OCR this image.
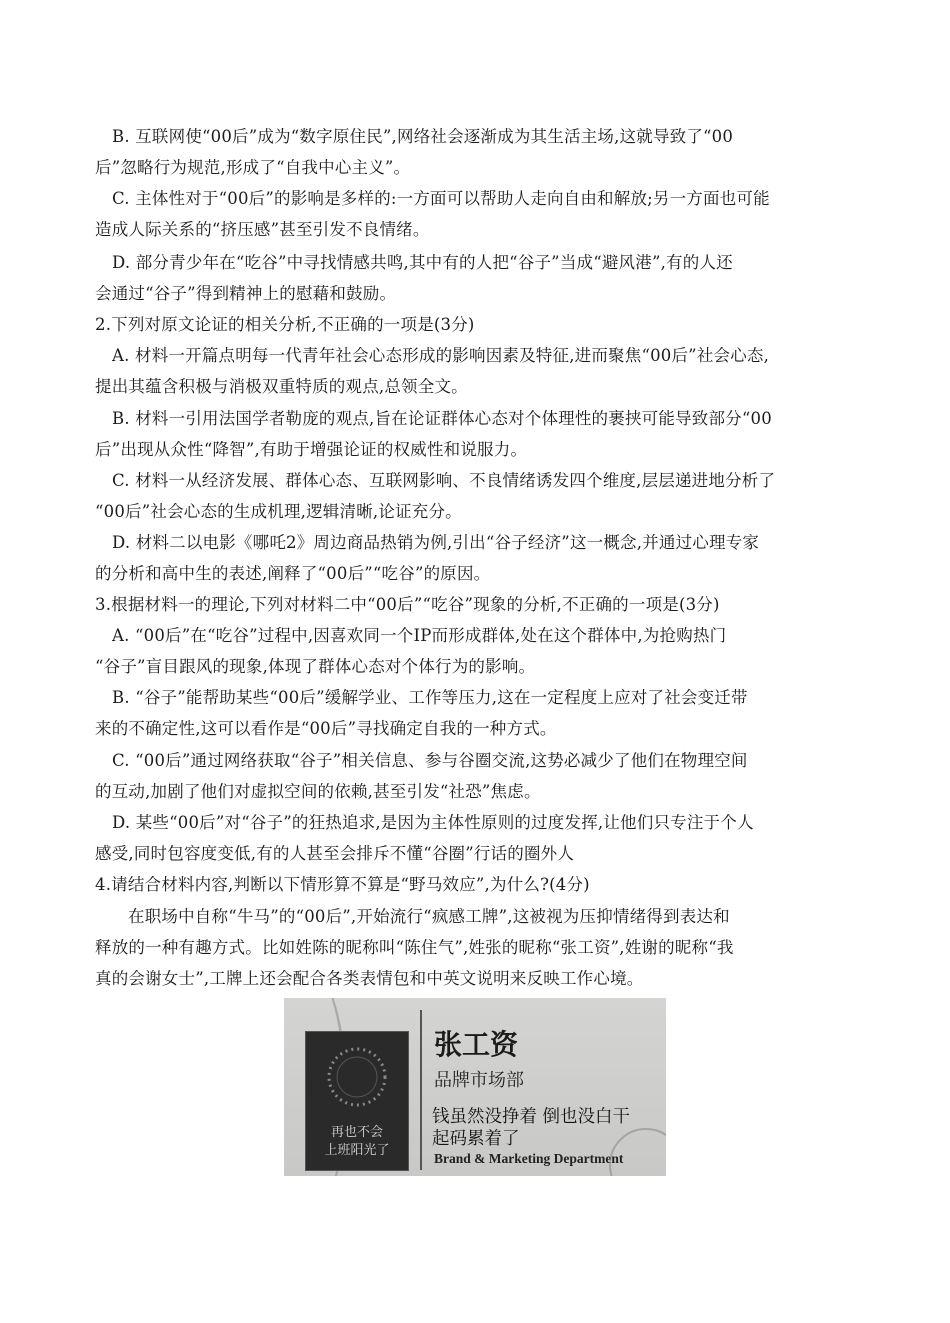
B. 互联网使“00后”成为“数字原住民”,网络社会逐渐成为其生活主场,这就导致了“00
后”忽略行为规范,形成了“自我中心主义”。
C. 主体性对于“00后”的影响是多样的:一方面可以帮助人走向自由和解放;另一方面也可能
造成人际关系的“挤压感”甚至引发不良情绪。
D. 部分青少年在“吃谷”中寻找情感共鸣,其中有的人把“谷子”当成“避风港”,有的人还
会通过“谷子”得到精神上的慰藉和鼓励。
2.下列对原文论证的相关分析,不正确的一项是(3分)
A. 材料一开篇点明每一代青年社会心态形成的影响因素及特征,进而聚焦“00后”社会心态,
提出其蕴含积极与消极双重特质的观点,总领全文。
B. 材料一引用法国学者勒庞的观点,旨在论证群体心态对个体理性的裹挟可能导致部分“00
后”出现从众性“降智”,有助于增强论证的权威性和说服力。
C. 材料一从经济发展、群体心态、互联网影响、不良情绪诱发四个维度,层层递进地分析了
“00后”社会心态的生成机理,逻辑清晰,论证充分。
D. 材料二以电影《哪吒2》周边商品热销为例,引出“谷子经济”这一概念,并通过心理专家
的分析和高中生的表述,阐释了“00后”“吃谷”的原因。
3.根据材料一的理论,下列对材料二中“00后”“吃谷”现象的分析,不正确的一项是(3分)
A. “00后”在“吃谷”过程中,因喜欢同一个IP而形成群体,处在这个群体中,为抢购热门
“谷子”盲目跟风的现象,体现了群体心态对个体行为的影响。
B. “谷子”能帮助某些“00后”缓解学业、工作等压力,这在一定程度上应对了社会变迁带
来的不确定性,这可以看作是“00后”寻找确定自我的一种方式。
C. “00后”通过网络获取“谷子”相关信息、参与谷圈交流,这势必减少了他们在物理空间
的互动,加剧了他们对虚拟空间的依赖,甚至引发“社恐”焦虑。
D. 某些“00后”对“谷子”的狂热追求,是因为主体性原则的过度发挥,让他们只专注于个人
感受,同时包容度变低,有的人甚至会排斥不懂“谷圈”行话的圈外人
4.请结合材料内容,判断以下情形算不算是“野马效应”,为什么?(4分)
在职场中自称“牛马”的“00后”,开始流行“疯感工牌”,这被视为压抑情绪得到表达和
释放的一种有趣方式。比如姓陈的昵称叫“陈住气”,姓张的昵称“张工资”,姓谢的昵称“我
真的会谢女士”,工牌上还会配合各类表情包和中英文说明来反映工作心境。
再也不会
上班阳光了
张工资
品牌市场部
钱虽然没挣着 倒也没白干
起码累着了
Brand & Marketing Department
